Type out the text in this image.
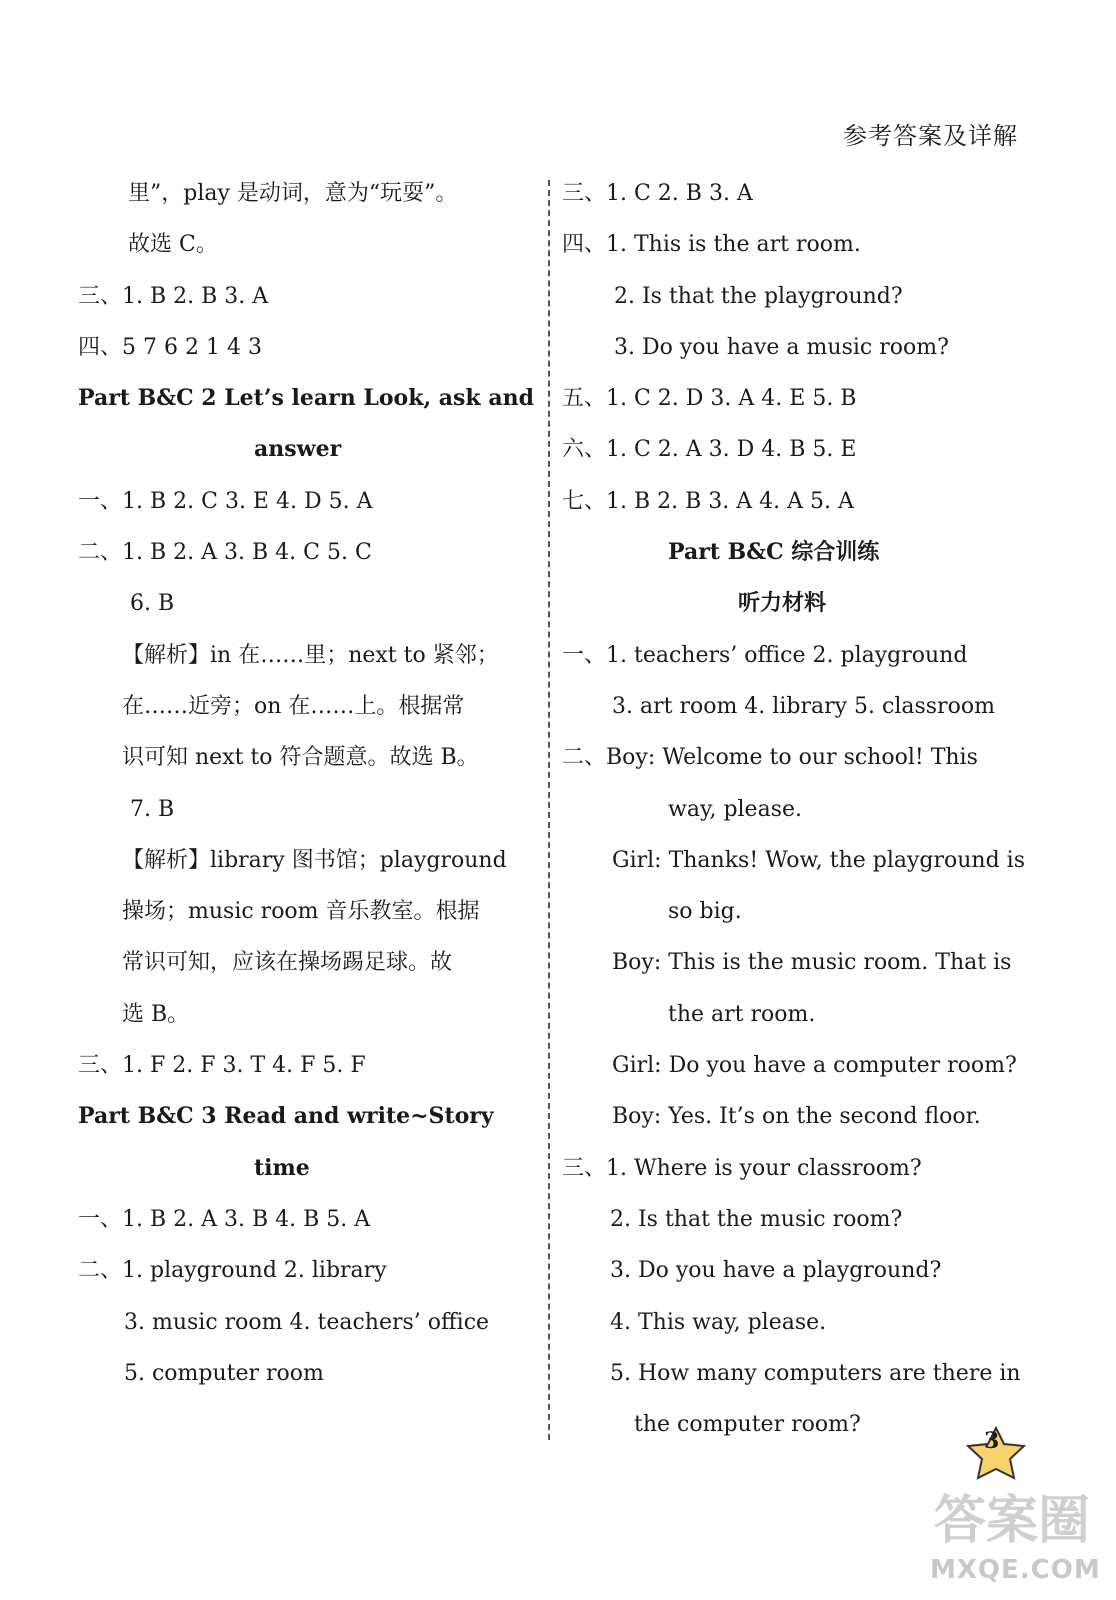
参考答案及详解
里”，play 是动词，意为“玩耍”。
故选 C。
三、1. B 2. B 3. A
四、5 7 6 2 1 4 3
Part B&C 2 Let’s learn Look, ask and
answer
一、1. B 2. C 3. E 4. D 5. A
二、1. B 2. A 3. B 4. C 5. C
6. B
【解析】in 在……里；next to 紧邻；
在……近旁；on 在……上。根据常
识可知 next to 符合题意。故选 B。
7. B
【解析】library 图书馆；playground
操场；music room 音乐教室。根据
常识可知，应该在操场踢足球。故
选 B。
三、1. F 2. F 3. T 4. F 5. F
Part B&C 3 Read and write~Story
time
一、1. B 2. A 3. B 4. B 5. A
二、1. playground 2. library
3. music room 4. teachers’ office
5. computer room
三、1. C 2. B 3. A
四、1. This is the art room.
2. Is that the playground?
3. Do you have a music room?
五、1. C 2. D 3. A 4. E 5. B
六、1. C 2. A 3. D 4. B 5. E
七、1. B 2. B 3. A 4. A 5. A
Part B&C 综合训练
听力材料
一、1. teachers’ office 2. playground
3. art room 4. library 5. classroom
二、Boy: Welcome to our school! This
way, please.
Girl: Thanks! Wow, the playground is
so big.
Boy: This is the music room. That is
the art room.
Girl: Do you have a computer room?
Boy: Yes. It’s on the second floor.
三、1. Where is your classroom?
2. Is that the music room?
3. Do you have a playground?
4. This way, please.
5. How many computers are there in
the computer room?
3
答案圈
MXQE.COM
